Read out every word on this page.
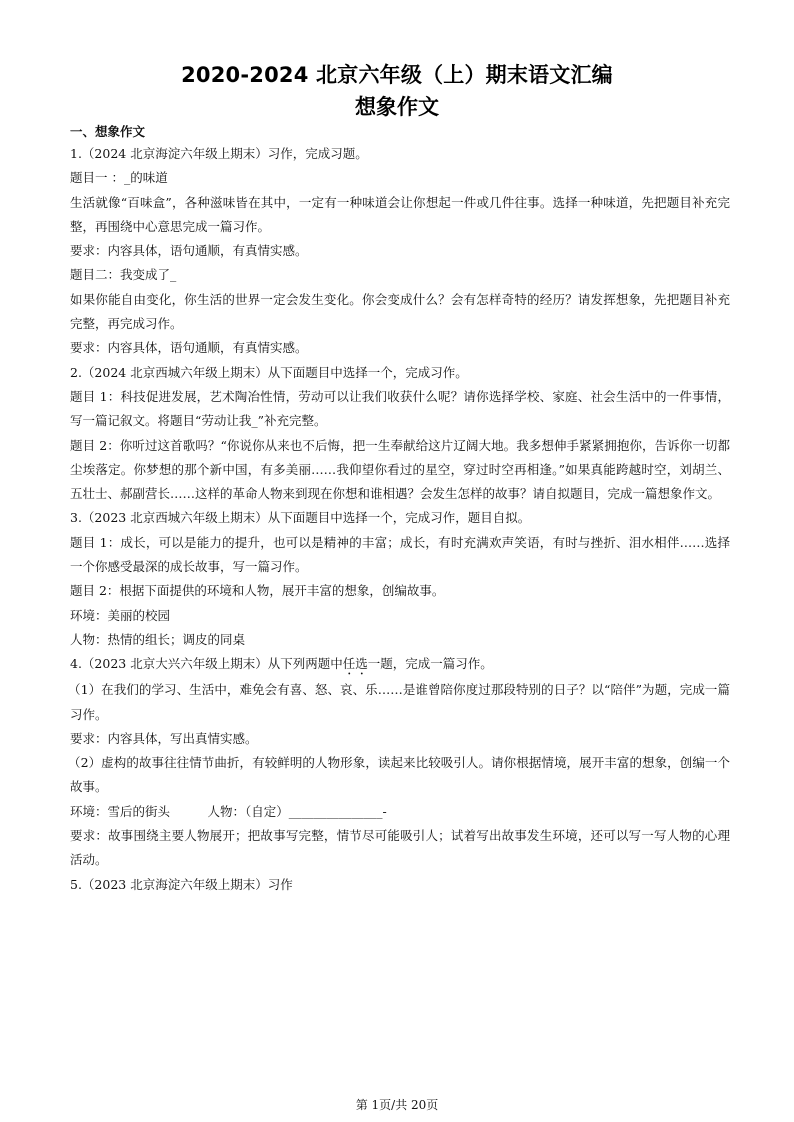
2020-2024 北京六年级（上）期末语文汇编
想象作文
一、想象作文

1.（2024 北京海淀六年级上期末）习作，完成习题。

题目一 ：_的味道

生活就像“百味盒”，各种滋味皆在其中，一定有一种味道会让你想起一件或几件往事。选择一种味道，先把题目补充完整，再围绕中心意思完成一篇习作。

要求：内容具体，语句通顺，有真情实感。

题目二：我变成了_

如果你能自由变化，你生活的世界一定会发生变化。你会变成什么？会有怎样奇特的经历？请发挥想象，先把题目补充完整，再完成习作。

要求：内容具体，语句通顺，有真情实感。

2.（2024 北京西城六年级上期末）从下面题目中选择一个，完成习作。

题目 1：科技促进发展，艺术陶冶性情，劳动可以让我们收获什么呢？请你选择学校、家庭、社会生活中的一件事情，写一篇记叙文。将题目“劳动让我_”补充完整。

题目 2：你听过这首歌吗？“你说你从来也不后悔，把一生奉献给这片辽阔大地。我多想伸手紧紧拥抱你，告诉你一切都尘埃落定。你梦想的那个新中国，有多美丽……我仰望你看过的星空，穿过时空再相逢。”如果真能跨越时空，刘胡兰、五壮士、郝副营长……这样的革命人物来到现在你想和谁相遇？会发生怎样的故事？请自拟题目，完成一篇想象作文。

3.（2023 北京西城六年级上期末）从下面题目中选择一个，完成习作，题目自拟。

题目 1：成长，可以是能力的提升，也可以是精神的丰富；成长，有时充满欢声笑语，有时与挫折、泪水相伴……选择一个你感受最深的成长故事，写一篇习作。

题目 2：根据下面提供的环境和人物，展开丰富的想象，创编故事。

环境：美丽的校园

人物：热情的组长；调皮的同桌

4.（2023 北京大兴六年级上期末）从下列两题中任选一题，完成一篇习作。

（1）在我们的学习、生活中，难免会有喜、怒、哀、乐……是谁曾陪你度过那段特别的日子？以“陪伴”为题，完成一篇习作。

要求：内容具体，写出真情实感。

（2）虚构的故事往往情节曲折，有较鲜明的人物形象，读起来比较吸引人。请你根据情境，展开丰富的想象，创编一个故事。

环境：雪后的街头　　　人物：（自定）_______________-

要求：故事围绕主要人物展开；把故事写完整，情节尽可能吸引人；试着写出故事发生环境，还可以写一写人物的心理活动。

5.（2023 北京海淀六年级上期末）习作

第 1页/共 20页
